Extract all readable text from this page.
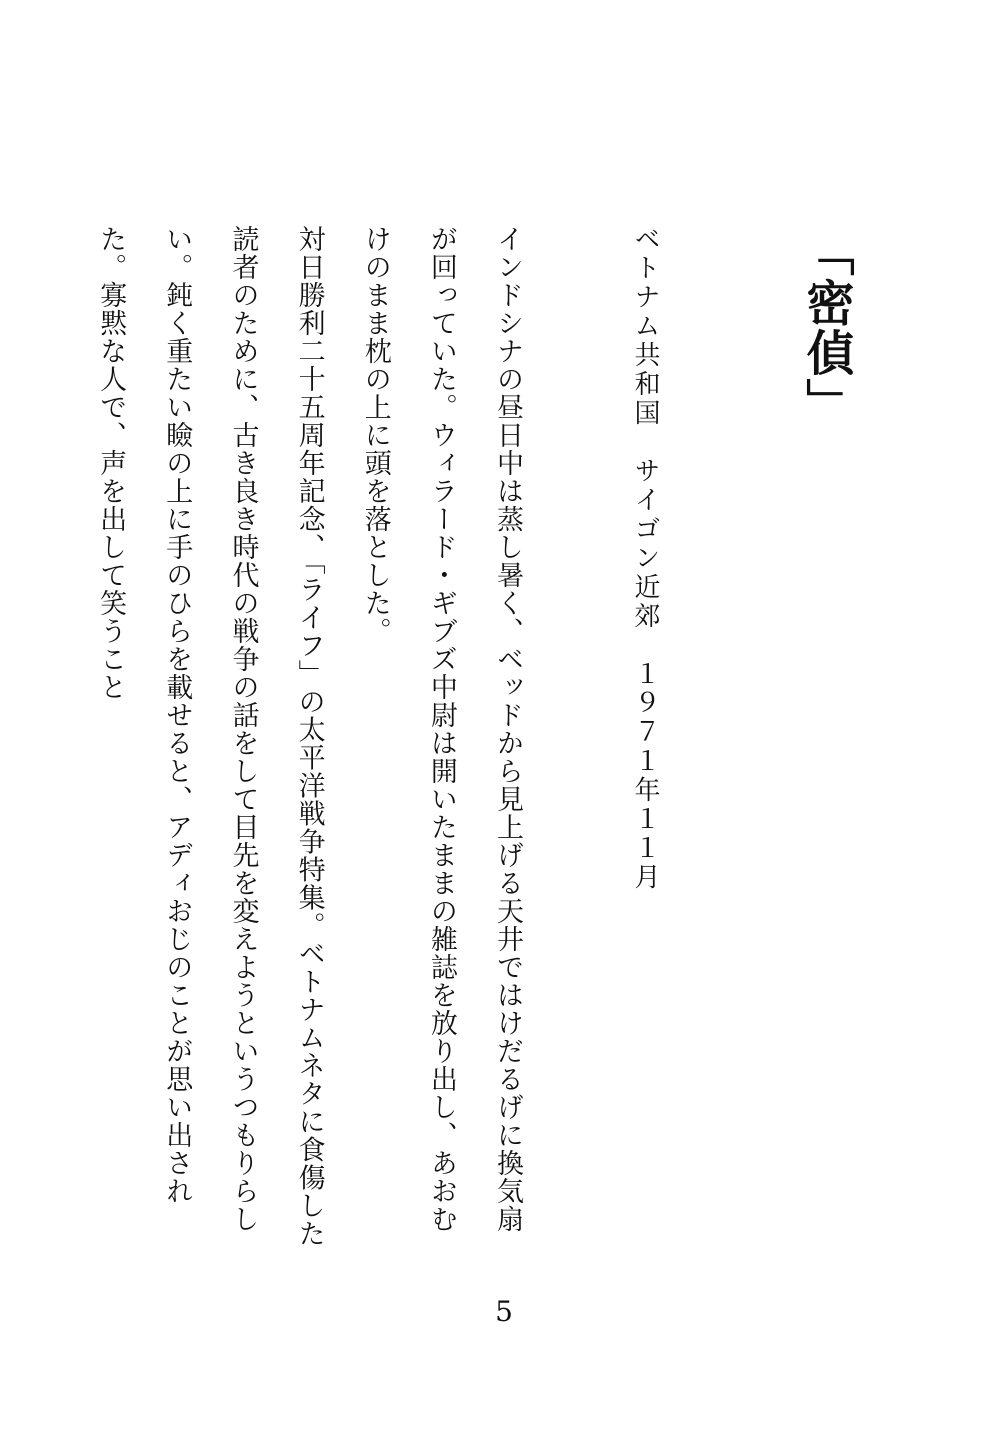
「密偵」
ベトナム共和国　サイゴン近郊　１９７１年１１月

インドシナの昼日中は蒸し暑く、ベッドから見上げる天井ではけだるげに換気扇が回っていた。ウィラード・ギブズ中尉は開いたままの雑誌を放り出し、あおむけのまま枕の上に頭を落とした。

対日勝利二十五周年記念、「ライフ」の太平洋戦争特集。ベトナムネタに食傷した読者のために、古き良き時代の戦争の話をして目先を変えようというつもりらしい。鈍く重たい瞼の上に手のひらを載せると、アディおじのことが思い出された。寡黙な人で、声を出して笑うこと

5
